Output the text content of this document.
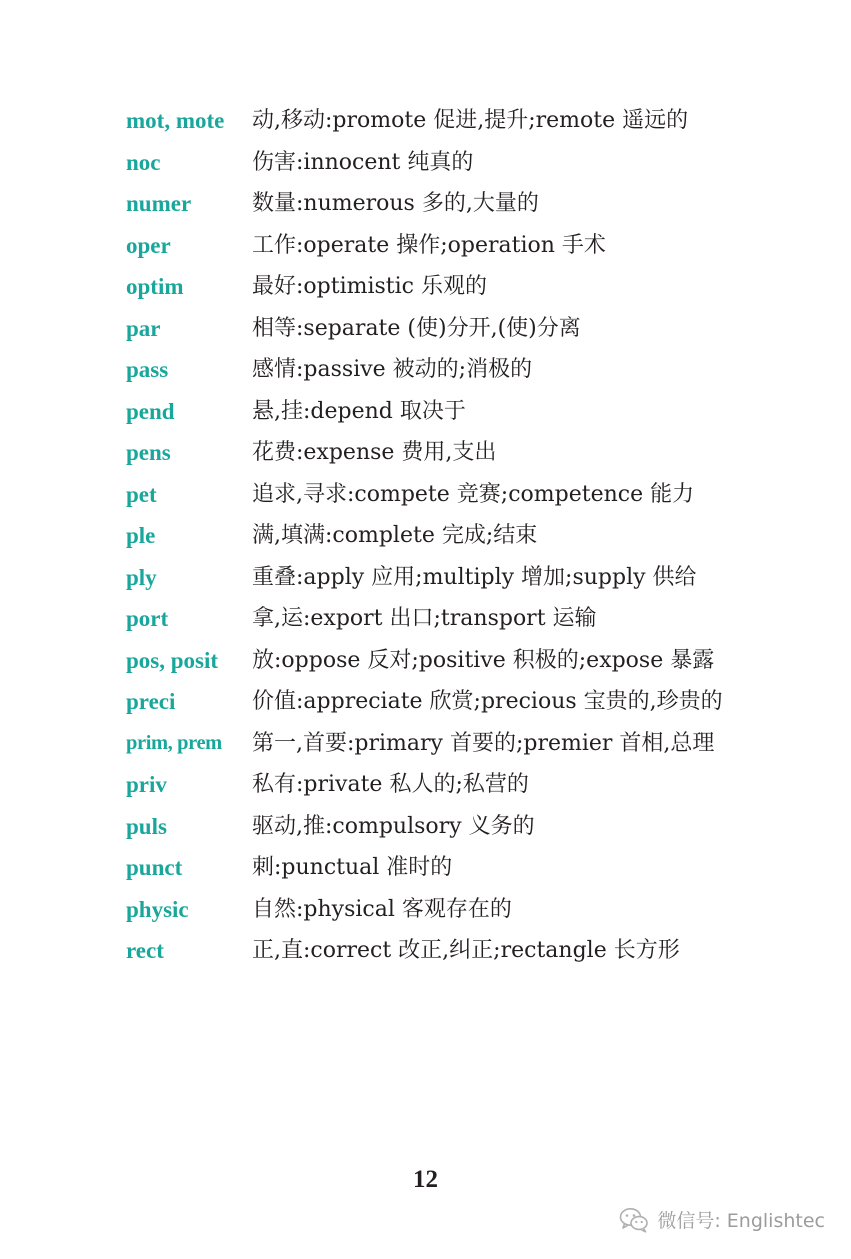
mot, mote	动,移动:promote 促进,提升;remote 遥远的
noc	伤害:innocent 纯真的
numer	数量:numerous 多的,大量的
oper	工作:operate 操作;operation 手术
optim	最好:optimistic 乐观的
par	相等:separate (使)分开,(使)分离
pass	感情:passive 被动的;消极的
pend	悬,挂:depend 取决于
pens	花费:expense 费用,支出
pet	追求,寻求:compete 竞赛;competence 能力
ple	满,填满:complete 完成;结束
ply	重叠:apply 应用;multiply 增加;supply 供给
port	拿,运:export 出口;transport 运输
pos, posit	放:oppose 反对;positive 积极的;expose 暴露
preci	价值:appreciate 欣赏;precious 宝贵的,珍贵的
prim, prem	第一,首要:primary 首要的;premier 首相,总理
priv	私有:private 私人的;私营的
puls	驱动,推:compulsory 义务的
punct	刺:punctual 准时的
physic	自然:physical 客观存在的
rect	正,直:correct 改正,纠正;rectangle 长方形
12
微信号: Englishtec
